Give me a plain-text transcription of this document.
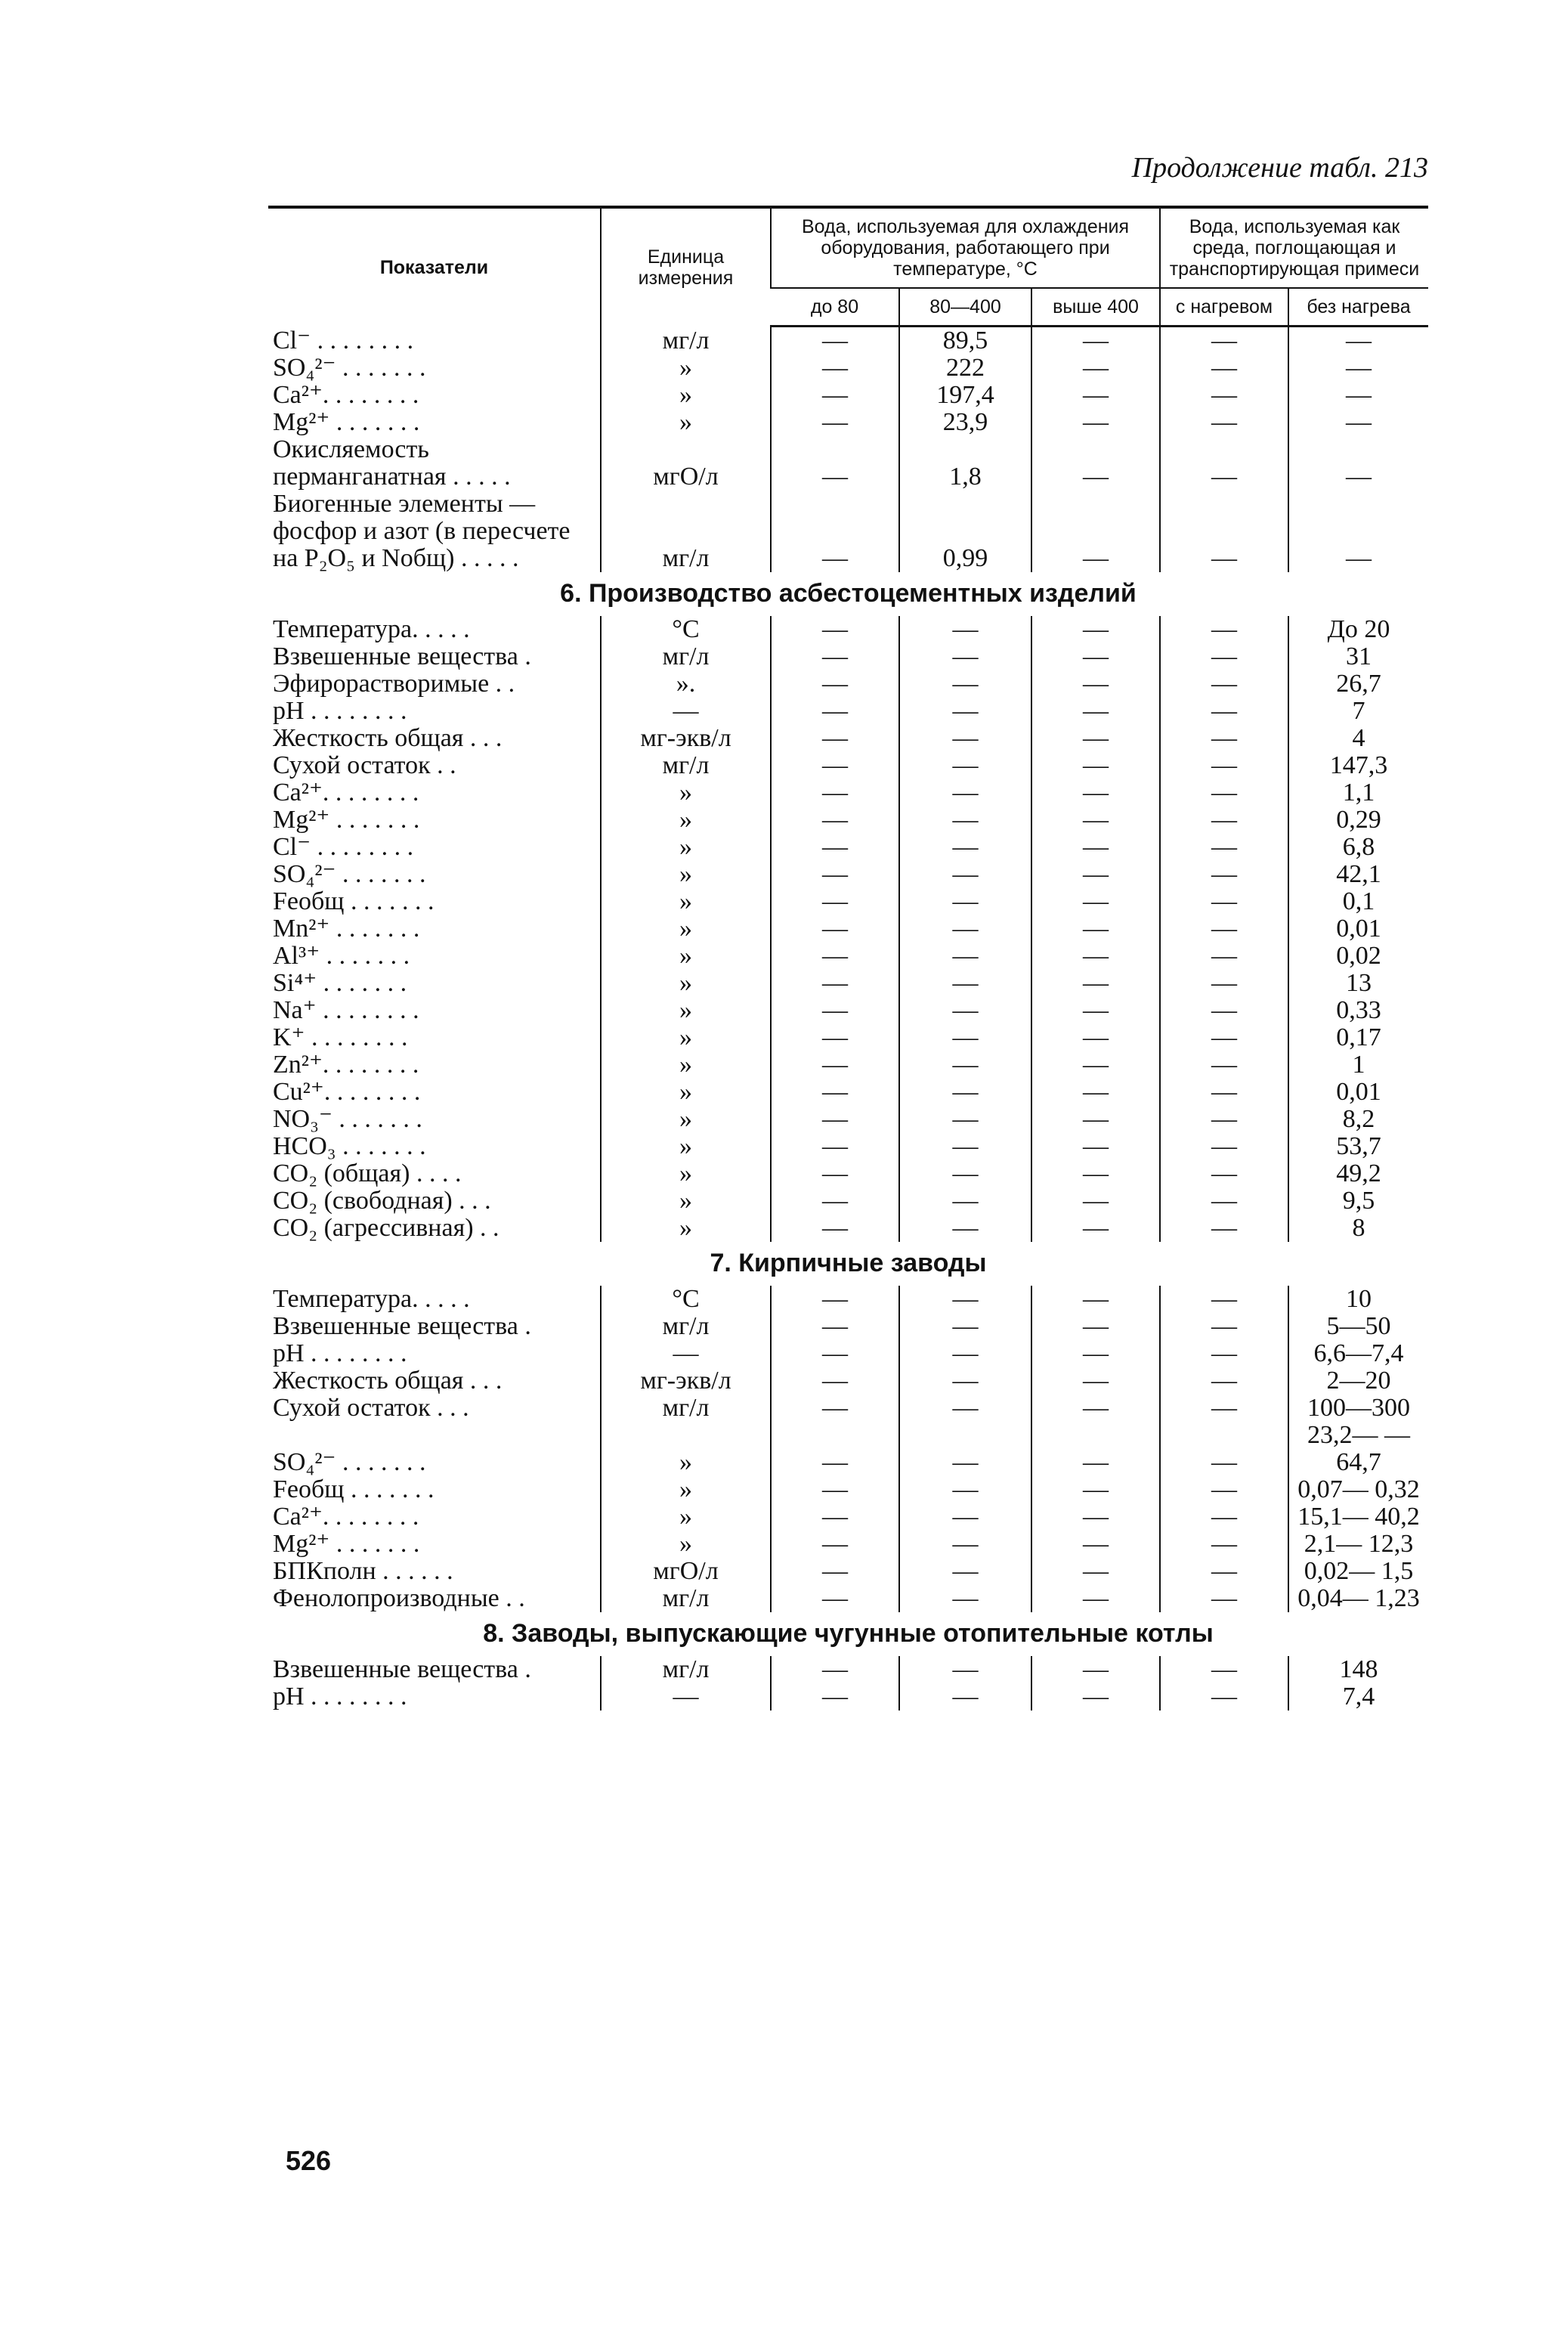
Продолжение табл. 213
Показатели	Единица измерения	Вода, используемая для охлаждения оборудования, работающего при температуре, °С			Вода, используемая как среда, поглощающая и транспортирующая примеси	
		до 80	80—400	выше 400	с нагревом	без нагрева
Cl⁻ . . . . . . . .	мг/л	—	89,5	—	—	—
SO₄²⁻ . . . . . . .	»	—	222	—	—	—
Ca²⁺. . . . . . . .	»	—	197,4	—	—	—
Mg²⁺ . . . . . . .	»	—	23,9	—	—	—
Окисляемость перманганатная . . . . .	мгО/л	—	1,8	—	—	—
Биогенные элементы — фосфор и азот (в пересчете на P₂O₅ и Nобщ) . . . . .	мг/л	—	0,99	—	—	—
6. Производство асбестоцементных изделий						
Температура. . . . .	°С	—	—	—	—	До 20
Взвешенные вещества .	мг/л	—	—	—	—	31
Эфирорастворимые . .	».	—	—	—	—	26,7
pH . . . . . . . .	—	—	—	—	—	7
Жесткость общая . . .	мг-экв/л	—	—	—	—	4
Сухой остаток . .	мг/л	—	—	—	—	147,3
Ca²⁺. . . . . . . .	»	—	—	—	—	1,1
Mg²⁺ . . . . . . .	»	—	—	—	—	0,29
Cl⁻ . . . . . . . .	»	—	—	—	—	6,8
SO₄²⁻ . . . . . . .	»	—	—	—	—	42,1
Feобщ . . . . . . .	»	—	—	—	—	0,1
Mn²⁺ . . . . . . .	»	—	—	—	—	0,01
Al³⁺ . . . . . . .	»	—	—	—	—	0,02
Si⁴⁺ . . . . . . .	»	—	—	—	—	13
Na⁺ . . . . . . . .	»	—	—	—	—	0,33
K⁺ . . . . . . . .	»	—	—	—	—	0,17
Zn²⁺. . . . . . . .	»	—	—	—	—	1
Cu²⁺. . . . . . . .	»	—	—	—	—	0,01
NO₃⁻ . . . . . . .	»	—	—	—	—	8,2
HCO₃ . . . . . . .	»	—	—	—	—	53,7
CO₂ (общая) . . . .	»	—	—	—	—	49,2
CO₂ (свободная) . . .	»	—	—	—	—	9,5
CO₂ (агрессивная) . .	»	—	—	—	—	8
7. Кирпичные заводы						
Температура. . . . .	°С	—	—	—	—	10
Взвешенные вещества .	мг/л	—	—	—	—	5—50
pH . . . . . . . .	—	—	—	—	—	6,6—7,4
Жесткость общая . . .	мг-экв/л	—	—	—	—	2—20
Сухой остаток . . .	мг/л	—	—	—	—	100—300
SO₄²⁻ . . . . . . .	»	—	—	—	—	23,2— —64,7
Feобщ . . . . . . .	»	—	—	—	—	0,07— 0,32
Ca²⁺. . . . . . . .	»	—	—	—	—	15,1— 40,2
Mg²⁺ . . . . . . .	»	—	—	—	—	2,1— 12,3
БПКполн . . . . . .	мгО/л	—	—	—	—	0,02— 1,5
Фенолопроизводные . .	мг/л	—	—	—	—	0,04— 1,23
8. Заводы, выпускающие чугунные отопительные котлы						
Взвешенные вещества .	мг/л	—	—	—	—	148
pH . . . . . . . .	—	—	—	—	—	7,4
526
